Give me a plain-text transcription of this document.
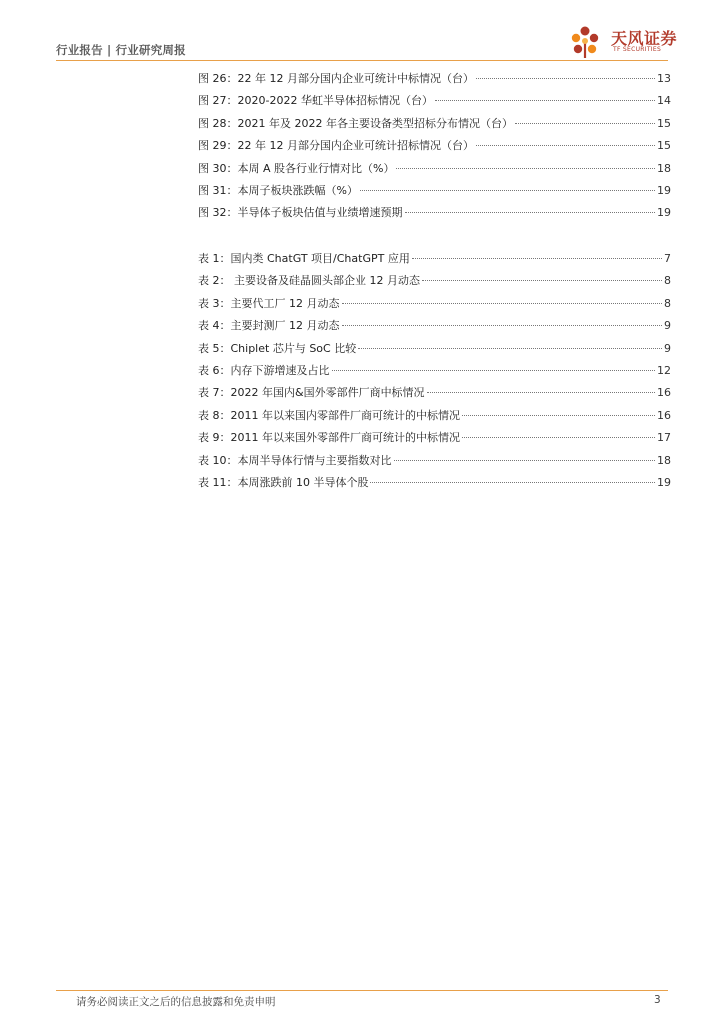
行业报告 | 行业研究周报
天风证券
TF SECURITIES
图 26：22 年 12 月部分国内企业可统计中标情况（台）	13
图 27：2020-2022 华虹半导体招标情况（台）	14
图 28：2021 年及 2022 年各主要设备类型招标分布情况（台）	15
图 29：22 年 12 月部分国内企业可统计招标情况（台）	15
图 30：本周 A 股各行业行情对比（%）	18
图 31：本周子板块涨跌幅（%）	19
图 32：半导体子板块估值与业绩增速预期	19
表 1：国内类 ChatGT 项目/ChatGPT 应用	7
表 2： 主要设备及硅晶圆头部企业 12 月动态	8
表 3：主要代工厂 12 月动态	8
表 4：主要封测厂 12 月动态	9
表 5：Chiplet 芯片与 SoC 比较	9
表 6：内存下游增速及占比	12
表 7：2022 年国内&国外零部件厂商中标情况	16
表 8：2011 年以来国内零部件厂商可统计的中标情况	16
表 9：2011 年以来国外零部件厂商可统计的中标情况	17
表 10：本周半导体行情与主要指数对比	18
表 11：本周涨跌前 10 半导体个股	19
请务必阅读正文之后的信息披露和免责申明	3
